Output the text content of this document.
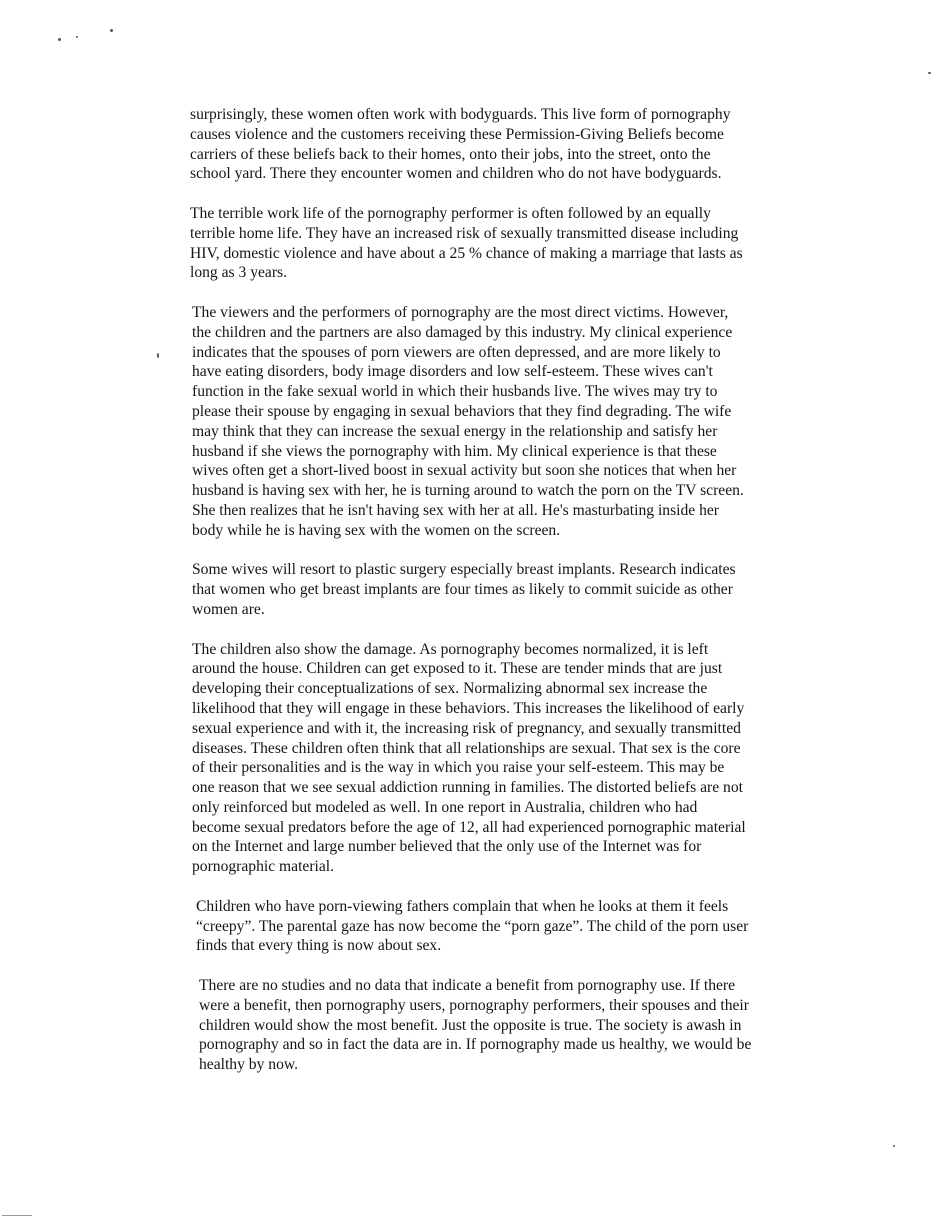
surprisingly, these women often work with bodyguards. This live form of pornography
causes violence and the customers receiving these Permission-Giving Beliefs become
carriers of these beliefs back to their homes, onto their jobs, into the street, onto the
school yard. There they encounter women and children who do not have bodyguards.

The terrible work life of the pornography performer is often followed by an equally
terrible home life. They have an increased risk of sexually transmitted disease including
HIV, domestic violence and have about a 25 % chance of making a marriage that lasts as
long as 3 years.

The viewers and the performers of pornography are the most direct victims. However,
the children and the partners are also damaged by this industry. My clinical experience
indicates that the spouses of porn viewers are often depressed, and are more likely to
have eating disorders, body image disorders and low self-esteem. These wives can't
function in the fake sexual world in which their husbands live. The wives may try to
please their spouse by engaging in sexual behaviors that they find degrading. The wife
may think that they can increase the sexual energy in the relationship and satisfy her
husband if she views the pornography with him. My clinical experience is that these
wives often get a short-lived boost in sexual activity but soon she notices that when her
husband is having sex with her, he is turning around to watch the porn on the TV screen.
She then realizes that he isn't having sex with her at all. He's masturbating inside her
body while he is having sex with the women on the screen.

Some wives will resort to plastic surgery especially breast implants. Research indicates
that women who get breast implants are four times as likely to commit suicide as other
women are.

The children also show the damage. As pornography becomes normalized, it is left
around the house. Children can get exposed to it. These are tender minds that are just
developing their conceptualizations of sex. Normalizing abnormal sex increase the
likelihood that they will engage in these behaviors. This increases the likelihood of early
sexual experience and with it, the increasing risk of pregnancy, and sexually transmitted
diseases. These children often think that all relationships are sexual. That sex is the core
of their personalities and is the way in which you raise your self-esteem. This may be
one reason that we see sexual addiction running in families. The distorted beliefs are not
only reinforced but modeled as well. In one report in Australia, children who had
become sexual predators before the age of 12, all had experienced pornographic material
on the Internet and large number believed that the only use of the Internet was for
pornographic material.

Children who have porn-viewing fathers complain that when he looks at them it feels
“creepy”. The parental gaze has now become the “porn gaze”. The child of the porn user
finds that every thing is now about sex.

There are no studies and no data that indicate a benefit from pornography use. If there
were a benefit, then pornography users, pornography performers, their spouses and their
children would show the most benefit. Just the opposite is true. The society is awash in
pornography and so in fact the data are in. If pornography made us healthy, we would be
healthy by now.
